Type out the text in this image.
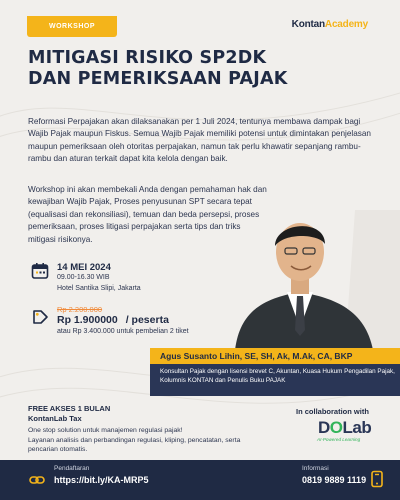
WORKSHOP	KontanAcademy
MITIGASI RISIKO SP2DK
DAN PEMERIKSAAN PAJAK
Reformasi Perpajakan akan dilaksanakan per 1 Juli 2024, tentunya membawa dampak bagi Wajib Pajak maupun Fiskus. Semua Wajib Pajak memiliki potensi untuk dimintakan penjelasan maupun pemeriksaan oleh otoritas perpajakan, namun tak perlu khawatir sepanjang rambu-rambu dan aturan terkait dapat kita kelola dengan baik.
Workshop ini akan membekali Anda dengan pemahaman hak dan kewajiban Wajib Pajak, Proses penyusunan SPT secara tepat (equalisasi dan rekonsiliasi), temuan dan beda persepsi, proses pemeriksaan, proses litigasi perpajakan serta tips dan triks mitigasi risikonya.
14 MEI 2024
09.00-16.30 WIB
Hotel Santika Slipi, Jakarta
Rp 2.200.000
Rp 1.900000 / peserta
atau Rp 3.400.000 untuk pembelian 2 tiket
Agus Susanto Lihin, SE, SH, Ak, M.Ak, CA, BKP
Konsultan Pajak dengan lisensi brevet C, Akuntan, Kuasa Hukum Pengadilan Pajak,
Kolumnis KONTAN dan Penulis Buku PAJAK
FREE AKSES 1 BULAN
KontanLab Tax
One stop solution untuk manajemen regulasi pajak!
Layanan analisis dan perbandingan regulasi, kliping, pencatatan, serta
pencarian otomatis.
In collaboration with
DOLab
AI-Powered Learning
Pendaftaran
https://bit.ly/KA-MRP5
Informasi
0819 9889 1119
